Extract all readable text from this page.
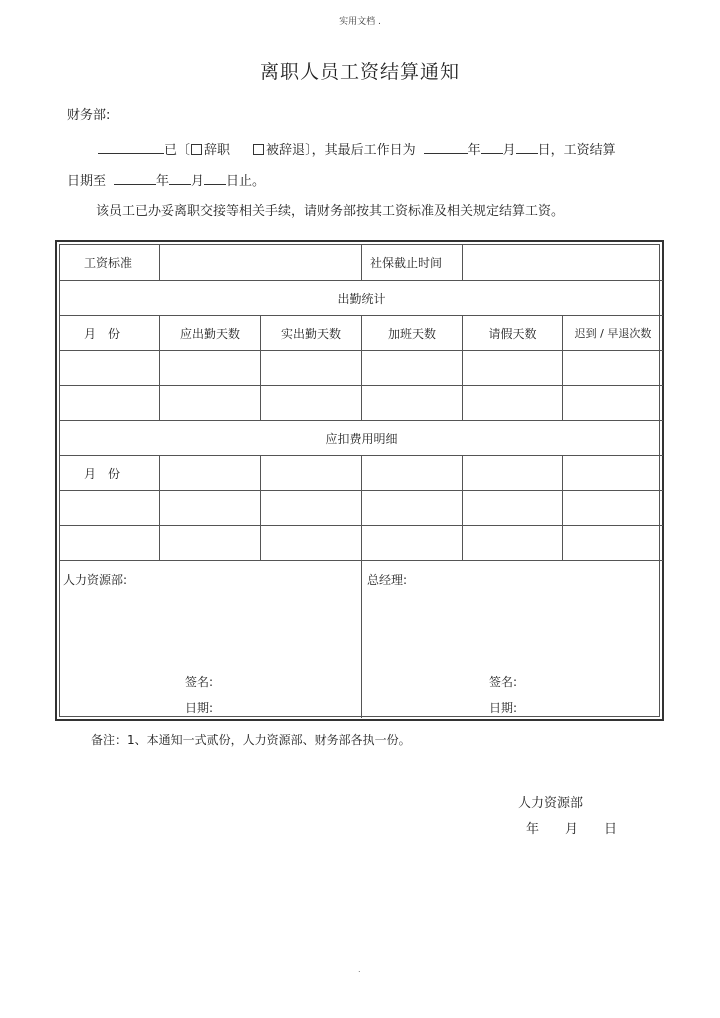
实用文档 .
离职人员工资结算通知
财务部:
已〔 辞职	被辞退〕，其最后工作日为	年 月 日，工资结算
日期至	年 月 日止。
该员工已办妥离职交接等相关手续，请财务部按其工资标准及相关规定结算工资。
工资标准	社保截止时间
出勤统计
月　份	应出勤天数	实出勤天数	加班天数	请假天数	迟到 / 早退次数
应扣费用明细
月　份
人力资源部:
签名:
日期:
总经理:
签名:
日期:
备注：1、本通知一式贰份，人力资源部、财务部各执一份。
人力资源部
年　　月　　日
.
